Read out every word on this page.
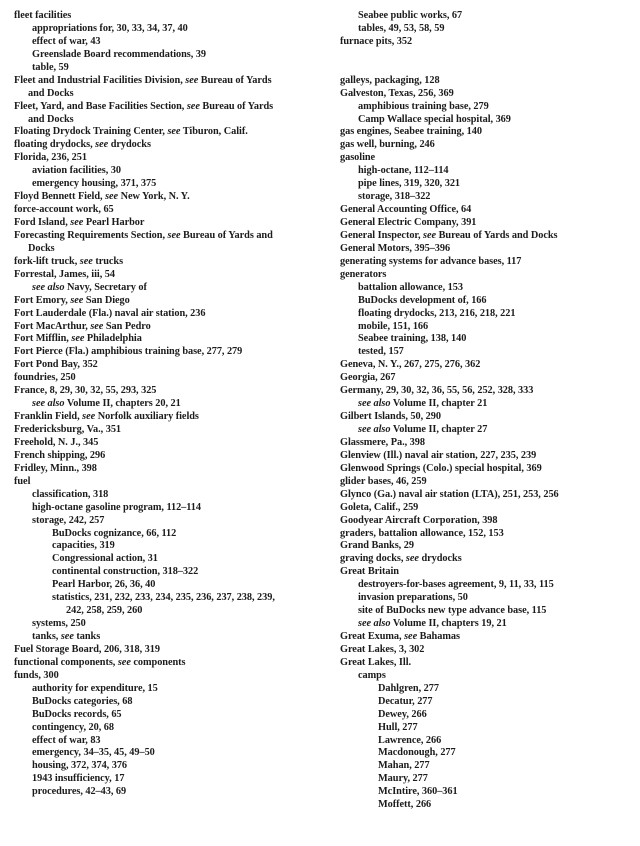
fleet facilities
appropriations for, 30, 33, 34, 37, 40
effect of war, 43
Greenslade Board recommendations, 39
table, 59
Fleet and Industrial Facilities Division, see Bureau of Yards
and Docks
Fleet, Yard, and Base Facilities Section, see Bureau of Yards
and Docks
Floating Drydock Training Center, see Tiburon, Calif.
floating drydocks, see drydocks
Florida, 236, 251
aviation facilities, 30
emergency housing, 371, 375
Floyd Bennett Field, see New York, N. Y.
force-account work, 65
Ford Island, see Pearl Harbor
Forecasting Requirements Section, see Bureau of Yards and
Docks
fork-lift truck, see trucks
Forrestal, James, iii, 54
see also Navy, Secretary of
Fort Emory, see San Diego
Fort Lauderdale (Fla.) naval air station, 236
Fort MacArthur, see San Pedro
Fort Mifflin, see Philadelphia
Fort Pierce (Fla.) amphibious training base, 277, 279
Fort Pond Bay, 352
foundries, 250
France, 8, 29, 30, 32, 55, 293, 325
see also Volume II, chapters 20, 21
Franklin Field, see Norfolk auxiliary fields
Fredericksburg, Va., 351
Freehold, N. J., 345
French shipping, 296
Fridley, Minn., 398
fuel
classification, 318
high-octane gasoline program, 112–114
storage, 242, 257
BuDocks cognizance, 66, 112
capacities, 319
Congressional action, 31
continental construction, 318–322
Pearl Harbor, 26, 36, 40
statistics, 231, 232, 233, 234, 235, 236, 237, 238, 239,
242, 258, 259, 260
systems, 250
tanks, see tanks
Fuel Storage Board, 206, 318, 319
functional components, see components
funds, 300
authority for expenditure, 15
BuDocks categories, 68
BuDocks records, 65
contingency, 20, 68
effect of war, 83
emergency, 34–35, 45, 49–50
housing, 372, 374, 376
1943 insufficiency, 17
procedures, 42–43, 69
Seabee public works, 67
tables, 49, 53, 58, 59
furnace pits, 352
galleys, packaging, 128
Galveston, Texas, 256, 369
amphibious training base, 279
Camp Wallace special hospital, 369
gas engines, Seabee training, 140
gas well, burning, 246
gasoline
high-octane, 112–114
pipe lines, 319, 320, 321
storage, 318–322
General Accounting Office, 64
General Electric Company, 391
General Inspector, see Bureau of Yards and Docks
General Motors, 395–396
generating systems for advance bases, 117
generators
battalion allowance, 153
BuDocks development of, 166
floating drydocks, 213, 216, 218, 221
mobile, 151, 166
Seabee training, 138, 140
tested, 157
Geneva, N. Y., 267, 275, 276, 362
Georgia, 267
Germany, 29, 30, 32, 36, 55, 56, 252, 328, 333
see also Volume II, chapter 21
Gilbert Islands, 50, 290
see also Volume II, chapter 27
Glassmere, Pa., 398
Glenview (Ill.) naval air station, 227, 235, 239
Glenwood Springs (Colo.) special hospital, 369
glider bases, 46, 259
Glynco (Ga.) naval air station (LTA), 251, 253, 256
Goleta, Calif., 259
Goodyear Aircraft Corporation, 398
graders, battalion allowance, 152, 153
Grand Banks, 29
graving docks, see drydocks
Great Britain
destroyers-for-bases agreement, 9, 11, 33, 115
invasion preparations, 50
site of BuDocks new type advance base, 115
see also Volume II, chapters 19, 21
Great Exuma, see Bahamas
Great Lakes, 3, 302
Great Lakes, Ill.
camps
Dahlgren, 277
Decatur, 277
Dewey, 266
Hull, 277
Lawrence, 266
Macdonough, 277
Mahan, 277
Maury, 277
McIntire, 360–361
Moffett, 266
